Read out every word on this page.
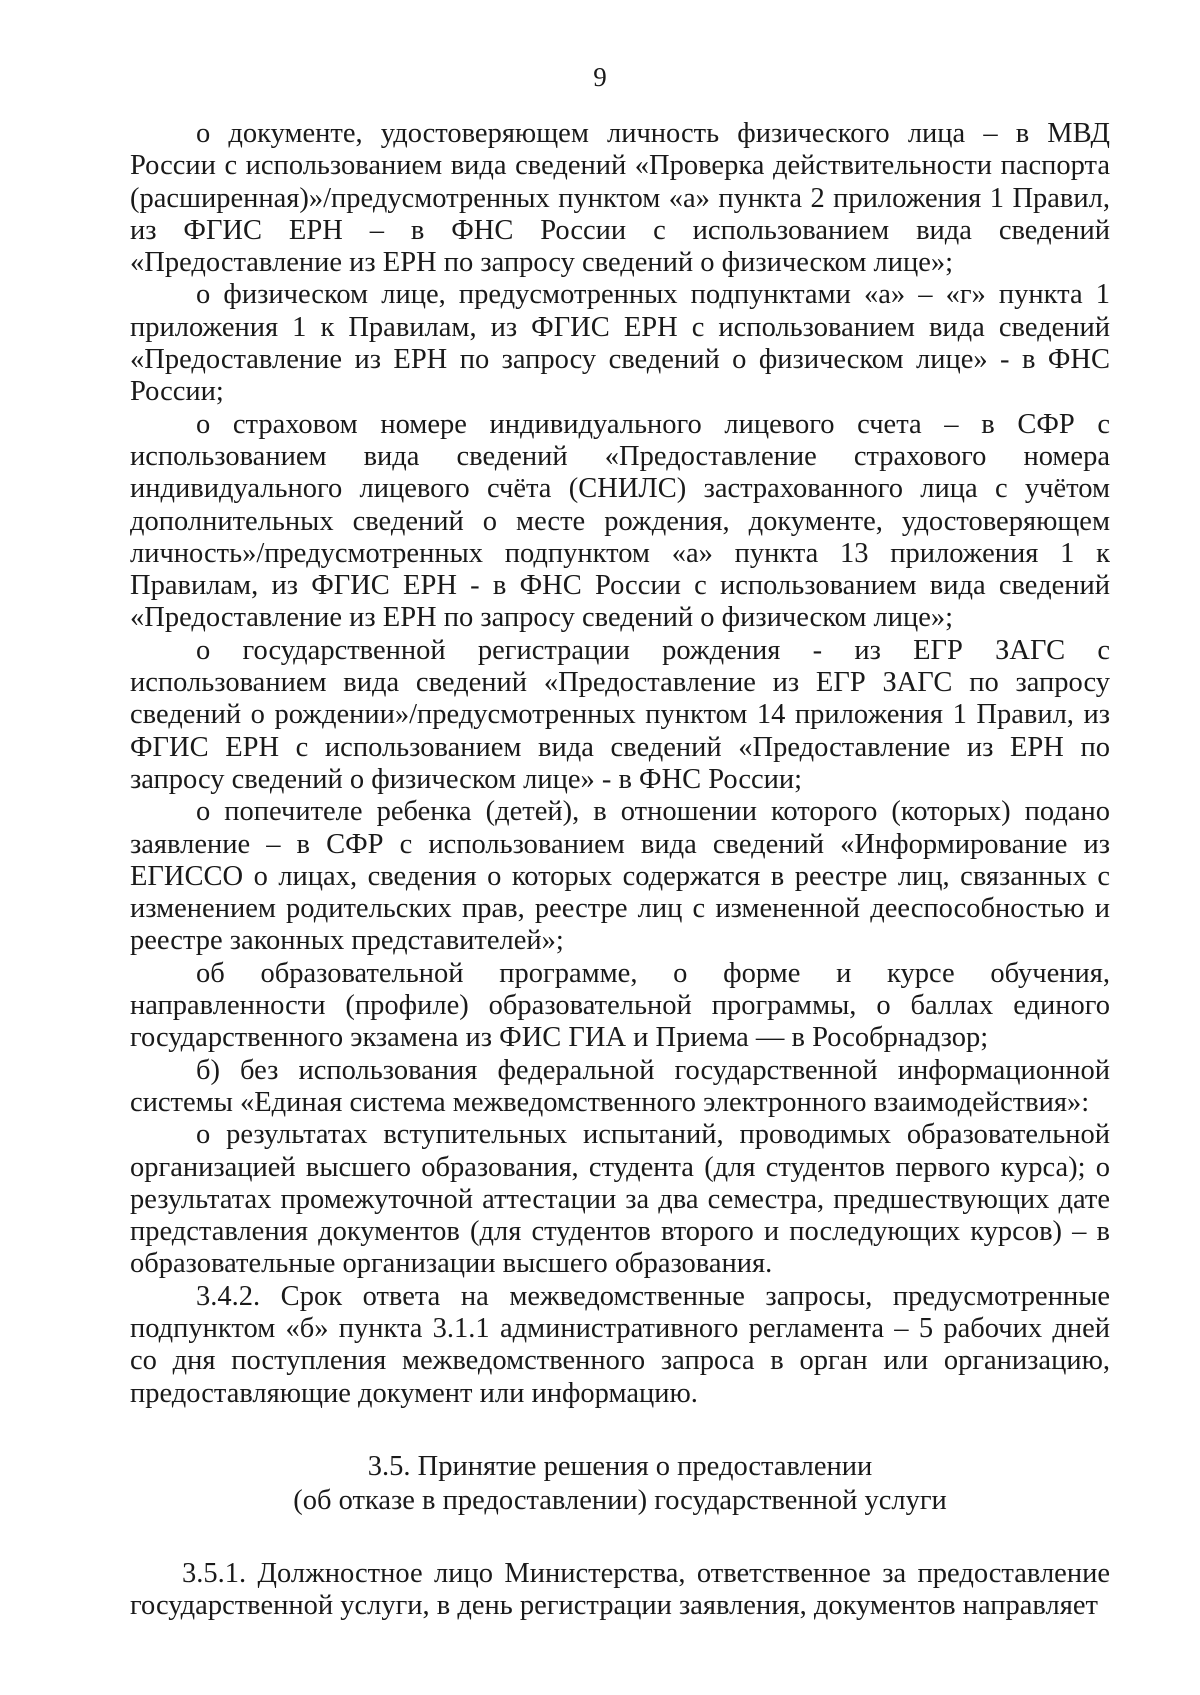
9

о документе, удостоверяющем личность физического лица – в МВД России с использованием вида сведений «Проверка действительности паспорта (расширенная)»/предусмотренных пунктом «а» пункта 2 приложения 1 Правил, из ФГИС ЕРН – в ФНС России с использованием вида сведений «Предоставление из ЕРН по запросу сведений о физическом лице»;

о физическом лице, предусмотренных подпунктами «а» – «г» пункта 1 приложения 1 к Правилам, из ФГИС ЕРН с использованием вида сведений «Предоставление из ЕРН по запросу сведений о физическом лице» - в ФНС России;

о страховом номере индивидуального лицевого счета – в СФР с использованием вида сведений «Предоставление страхового номера индивидуального лицевого счёта (СНИЛС) застрахованного лица с учётом дополнительных сведений о месте рождения, документе, удостоверяющем личность»/предусмотренных подпунктом «а» пункта 13 приложения 1 к Правилам, из ФГИС ЕРН - в ФНС России с использованием вида сведений «Предоставление из ЕРН по запросу сведений о физическом лице»;

о государственной регистрации рождения - из ЕГР ЗАГС с использованием вида сведений «Предоставление из ЕГР ЗАГС по запросу сведений о рождении»/предусмотренных пунктом 14 приложения 1 Правил, из ФГИС ЕРН с использованием вида сведений «Предоставление из ЕРН по запросу сведений о физическом лице» - в ФНС России;

о попечителе ребенка (детей), в отношении которого (которых) подано заявление – в СФР с использованием вида сведений «Информирование из ЕГИССО о лицах, сведения о которых содержатся в реестре лиц, связанных с изменением родительских прав, реестре лиц с измененной дееспособностью и реестре законных представителей»;

об образовательной программе, о форме и курсе обучения, направленности (профиле) образовательной программы, о баллах единого государственного экзамена из ФИС ГИА и Приема — в Рособрнадзор;

б) без использования федеральной государственной информационной системы «Единая система межведомственного электронного взаимодействия»:

о результатах вступительных испытаний, проводимых образовательной организацией высшего образования, студента (для студентов первого курса); о результатах промежуточной аттестации за два семестра, предшествующих дате представления документов (для студентов второго и последующих курсов) – в образовательные организации высшего образования.

3.4.2. Срок ответа на межведомственные запросы, предусмотренные подпунктом «б» пункта 3.1.1 административного регламента – 5 рабочих дней со дня поступления межведомственного запроса в орган или организацию, предоставляющие документ или информацию.

3.5. Принятие решения о предоставлении
(об отказе в предоставлении) государственной услуги

3.5.1. Должностное лицо Министерства, ответственное за предоставление государственной услуги, в день регистрации заявления, документов направляет
